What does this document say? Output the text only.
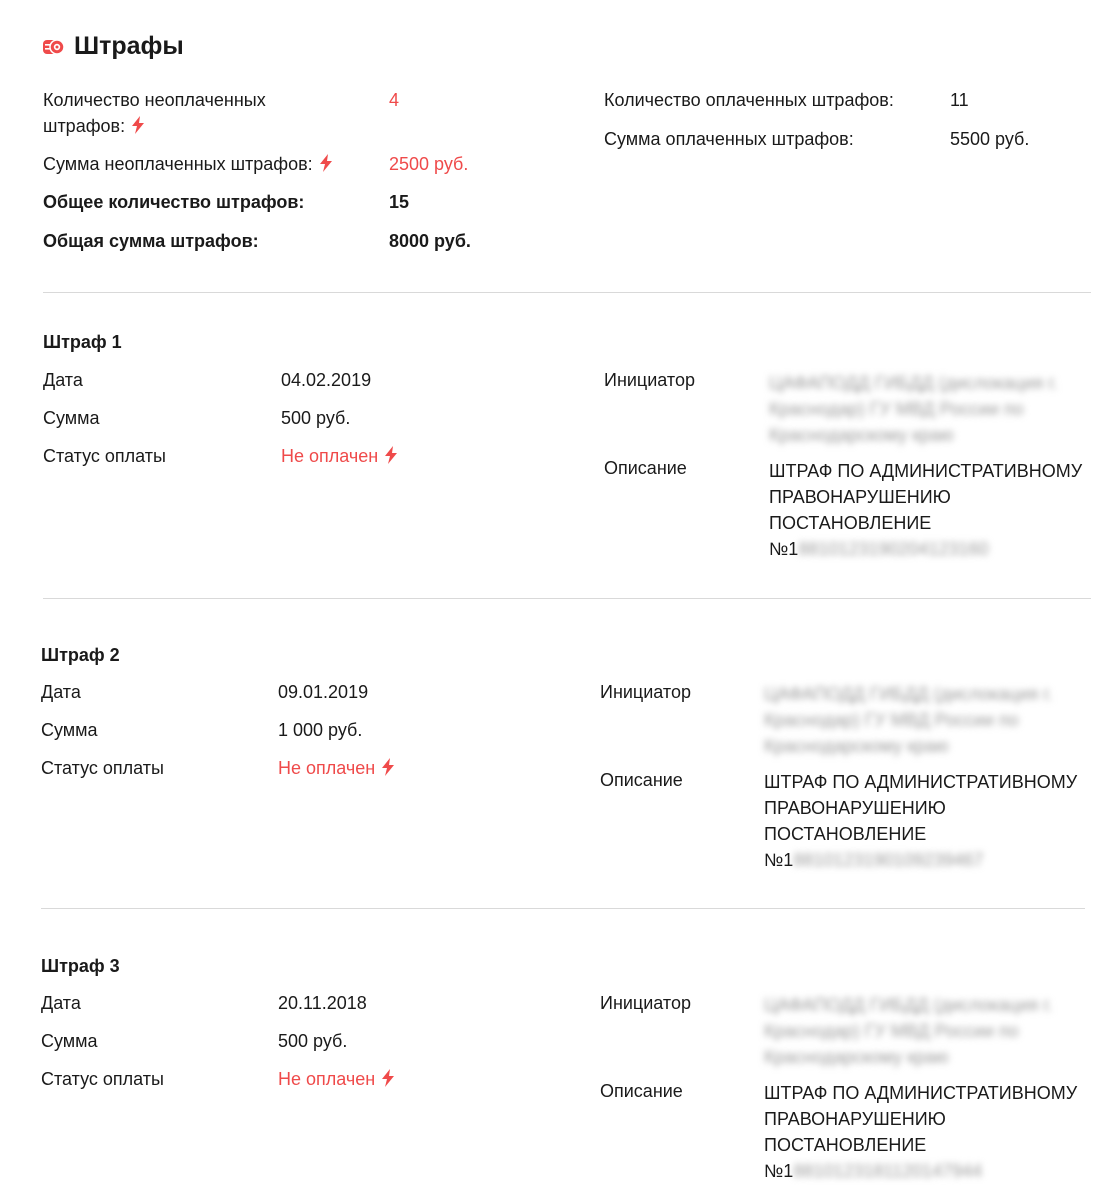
Штрафы
Количество неоплаченных
штрафов:
4
Сумма неоплаченных штрафов:	2500 руб.
Общее количество штрафов:	15
Общая сумма штрафов:	8000 руб.
Количество оплаченных штрафов:	11
Сумма оплаченных штрафов:	5500 руб.
Штраф 1
Дата	04.02.2019
Сумма	500 руб.
Статус оплаты	Не оплачен
Инициатор	ЦАФАПОДД ГИБДД (дислокация г.
Краснодар) ГУ МВД России по
Краснодарскому краю
Описание	ШТРАФ ПО АДМИНИСТРАТИВНОМУ
ПРАВОНАРУШЕНИЮ
ПОСТАНОВЛЕНИЕ
№18810123190204123160
Штраф 2
Дата	09.01.2019
Сумма	1 000 руб.
Статус оплаты	Не оплачен
Инициатор	ЦАФАПОДД ГИБДД (дислокация г.
Краснодар) ГУ МВД России по
Краснодарскому краю
Описание	ШТРАФ ПО АДМИНИСТРАТИВНОМУ
ПРАВОНАРУШЕНИЮ
ПОСТАНОВЛЕНИЕ
№18810123190109239467
Штраф 3
Дата	20.11.2018
Сумма	500 руб.
Статус оплаты	Не оплачен
Инициатор	ЦАФАПОДД ГИБДД (дислокация г.
Краснодар) ГУ МВД России по
Краснодарскому краю
Описание	ШТРАФ ПО АДМИНИСТРАТИВНОМУ
ПРАВОНАРУШЕНИЮ
ПОСТАНОВЛЕНИЕ
№18810123181120147944
